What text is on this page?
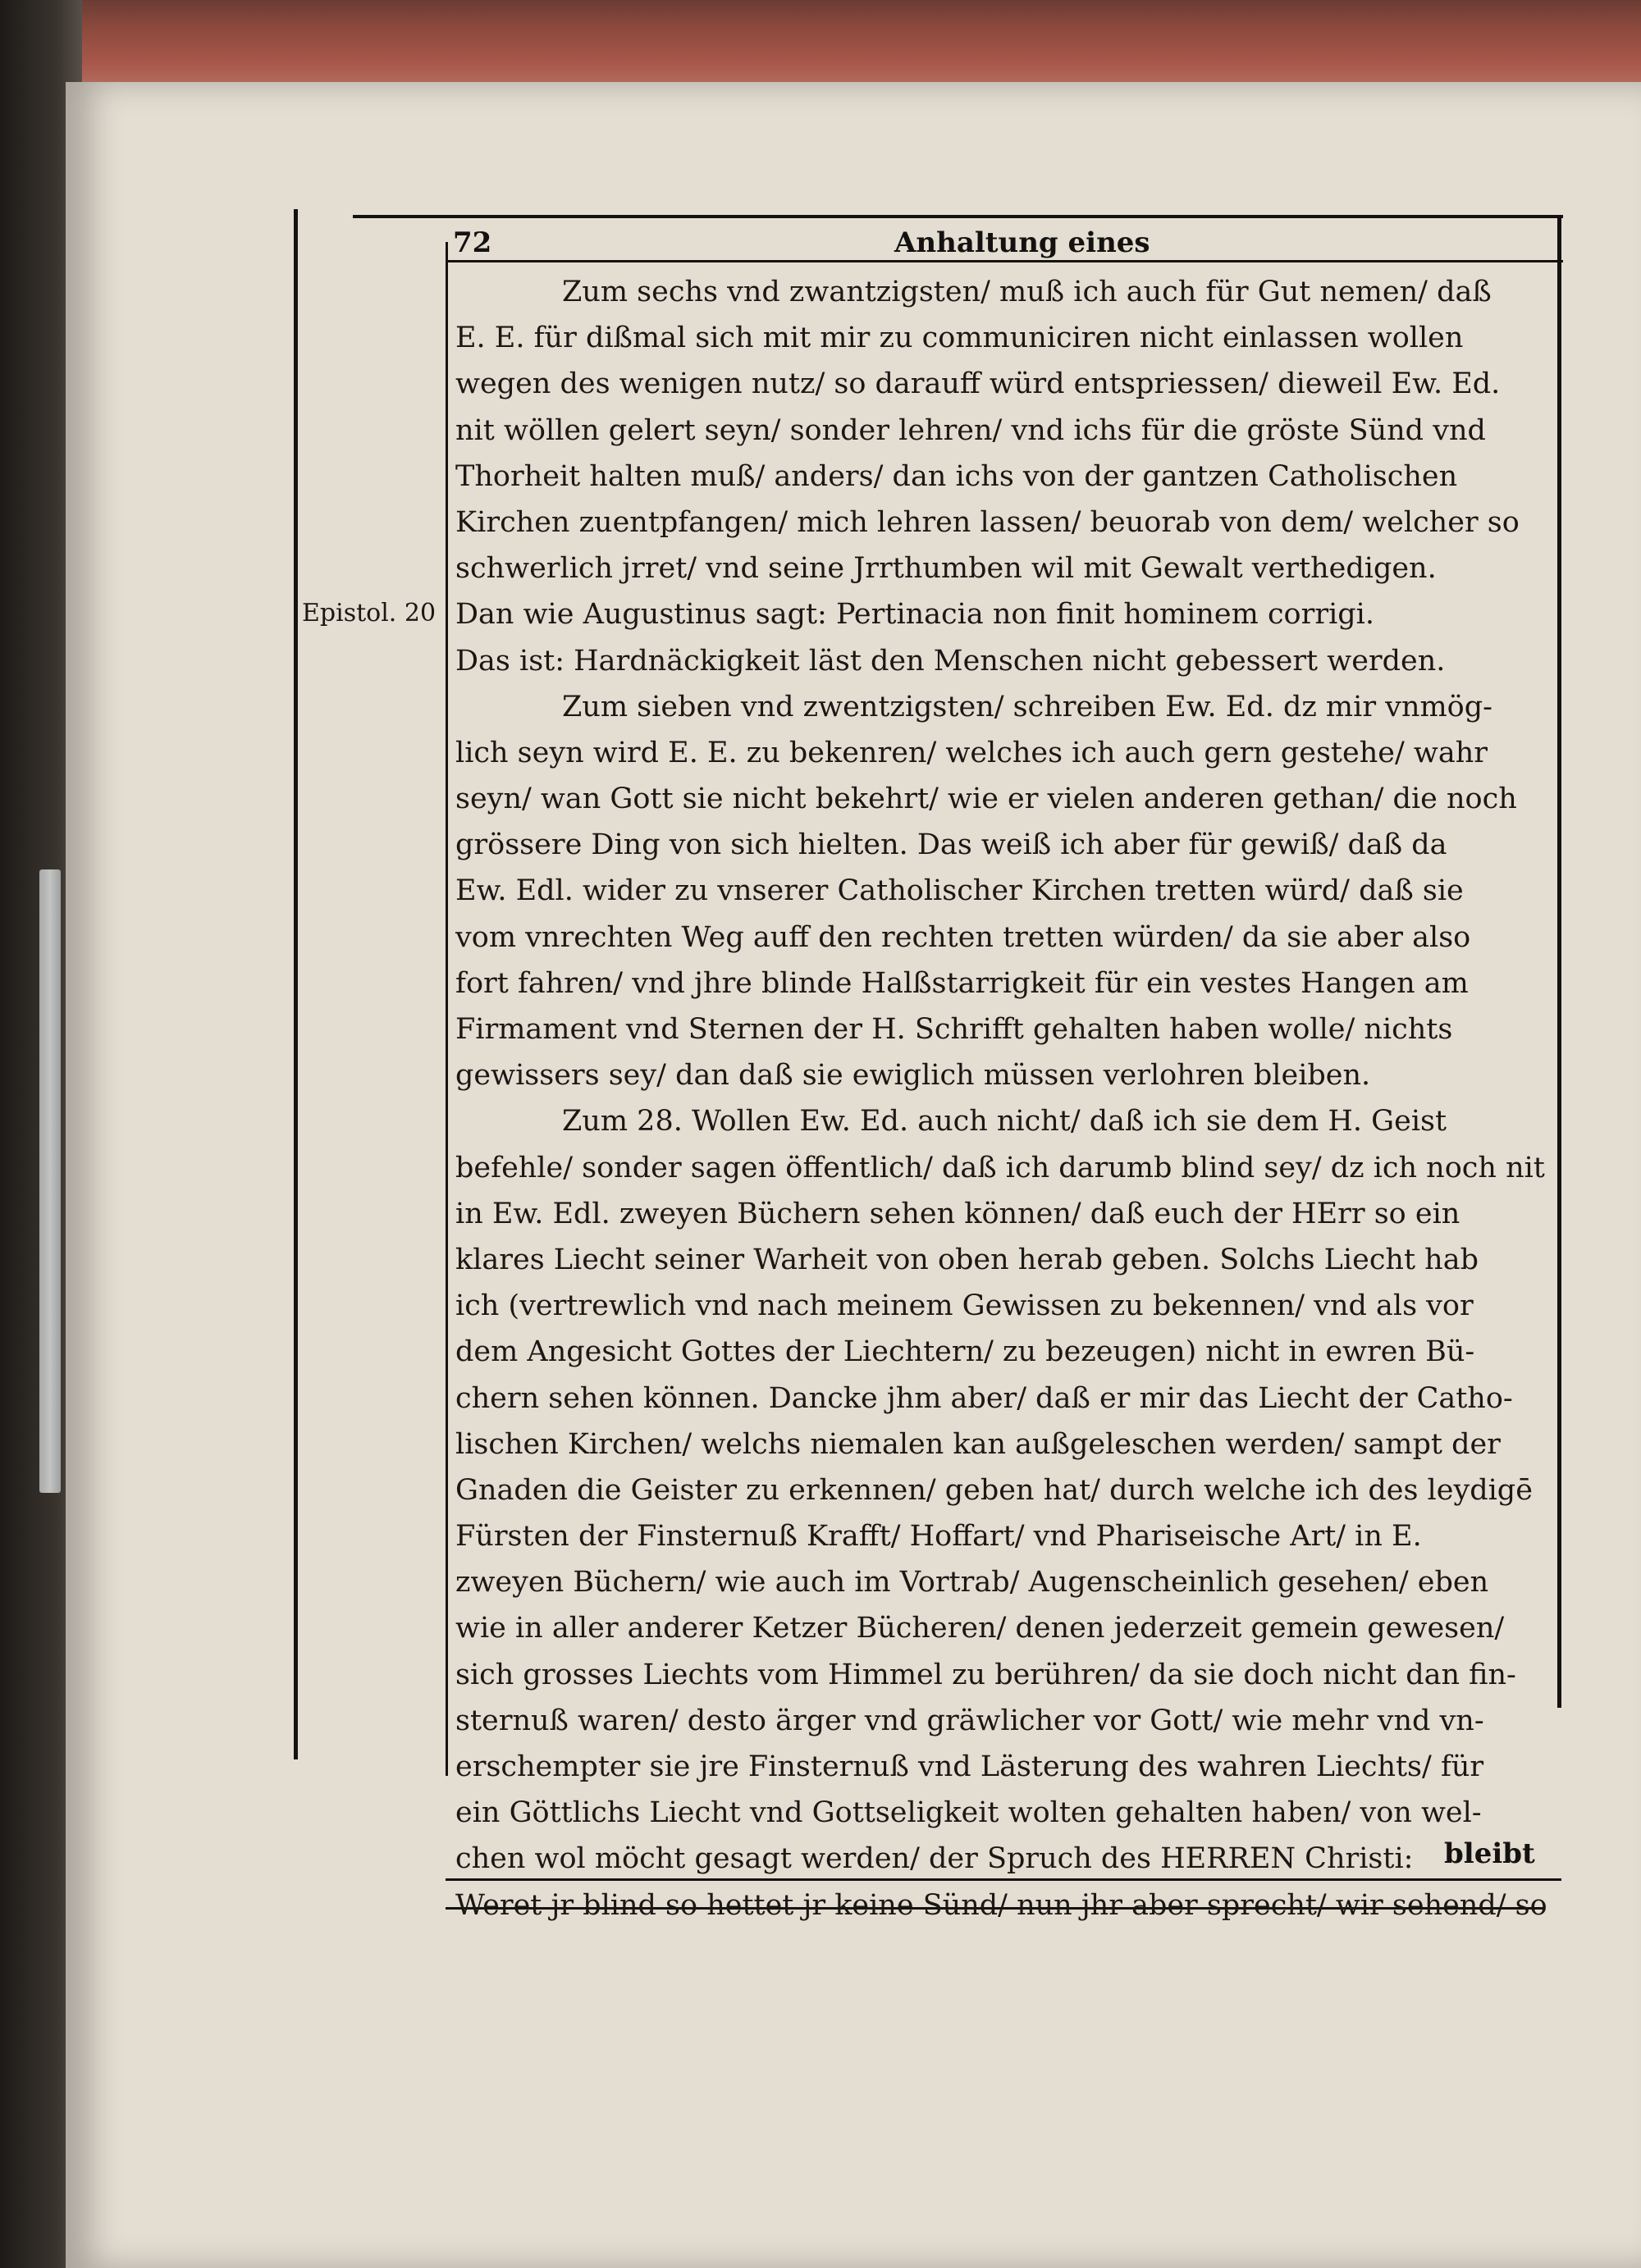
72	Anhaltung eines
Epistol. 20
Zum sechs vnd zwantzigsten/ muß ich auch für Gut nemen/ daß
E. E. für dißmal sich mit mir zu communiciren nicht einlassen wollen
wegen des wenigen nutz/ so darauff würd entspriessen/ dieweil Ew. Ed.
nit wöllen gelert seyn/ sonder lehren/ vnd ichs für die gröste Sünd vnd
Thorheit halten muß/ anders/ dan ichs von der gantzen Catholischen
Kirchen zuentpfangen/ mich lehren lassen/ beuorab von dem/ welcher so
schwerlich jrret/ vnd seine Jrrthumben wil mit Gewalt verthedigen.
Dan wie Augustinus sagt: Pertinacia non finit hominem corrigi.
Das ist: Hardnäckigkeit läst den Menschen nicht gebessert werden.
Zum sieben vnd zwentzigsten/ schreiben Ew. Ed. dz mir vnmög-
lich seyn wird E. E. zu bekenren/ welches ich auch gern gestehe/ wahr
seyn/ wan Gott sie nicht bekehrt/ wie er vielen anderen gethan/ die noch
grössere Ding von sich hielten. Das weiß ich aber für gewiß/ daß da
Ew. Edl. wider zu vnserer Catholischer Kirchen tretten würd/ daß sie
vom vnrechten Weg auff den rechten tretten würden/ da sie aber also
fort fahren/ vnd jhre blinde Halßstarrigkeit für ein vestes Hangen am
Firmament vnd Sternen der H. Schrifft gehalten haben wolle/ nichts
gewissers sey/ dan daß sie ewiglich müssen verlohren bleiben.
Zum 28. Wollen Ew. Ed. auch nicht/ daß ich sie dem H. Geist
befehle/ sonder sagen öffentlich/ daß ich darumb blind sey/ dz ich noch nit
in Ew. Edl. zweyen Büchern sehen können/ daß euch der HErr so ein
klares Liecht seiner Warheit von oben herab geben. Solchs Liecht hab
ich (vertrewlich vnd nach meinem Gewissen zu bekennen/ vnd als vor
dem Angesicht Gottes der Liechtern/ zu bezeugen) nicht in ewren Bü-
chern sehen können. Dancke jhm aber/ daß er mir das Liecht der Catho-
lischen Kirchen/ welchs niemalen kan außgeleschen werden/ sampt der
Gnaden die Geister zu erkennen/ geben hat/ durch welche ich des leydigē
Fürsten der Finsternuß Krafft/ Hoffart/ vnd Phariseische Art/ in E.
zweyen Büchern/ wie auch im Vortrab/ Augenscheinlich gesehen/ eben
wie in aller anderer Ketzer Bücheren/ denen jederzeit gemein gewesen/
sich grosses Liechts vom Himmel zu berühren/ da sie doch nicht dan fin-
sternuß waren/ desto ärger vnd gräwlicher vor Gott/ wie mehr vnd vn-
erschempter sie jre Finsternuß vnd Lästerung des wahren Liechts/ für
ein Göttlichs Liecht vnd Gottseligkeit wolten gehalten haben/ von wel-
chen wol möcht gesagt werden/ der Spruch des HERREN Christi:
Weret jr blind so hettet jr keine Sünd/ nun jhr aber sprecht/ wir sehend/ so
bleibt
